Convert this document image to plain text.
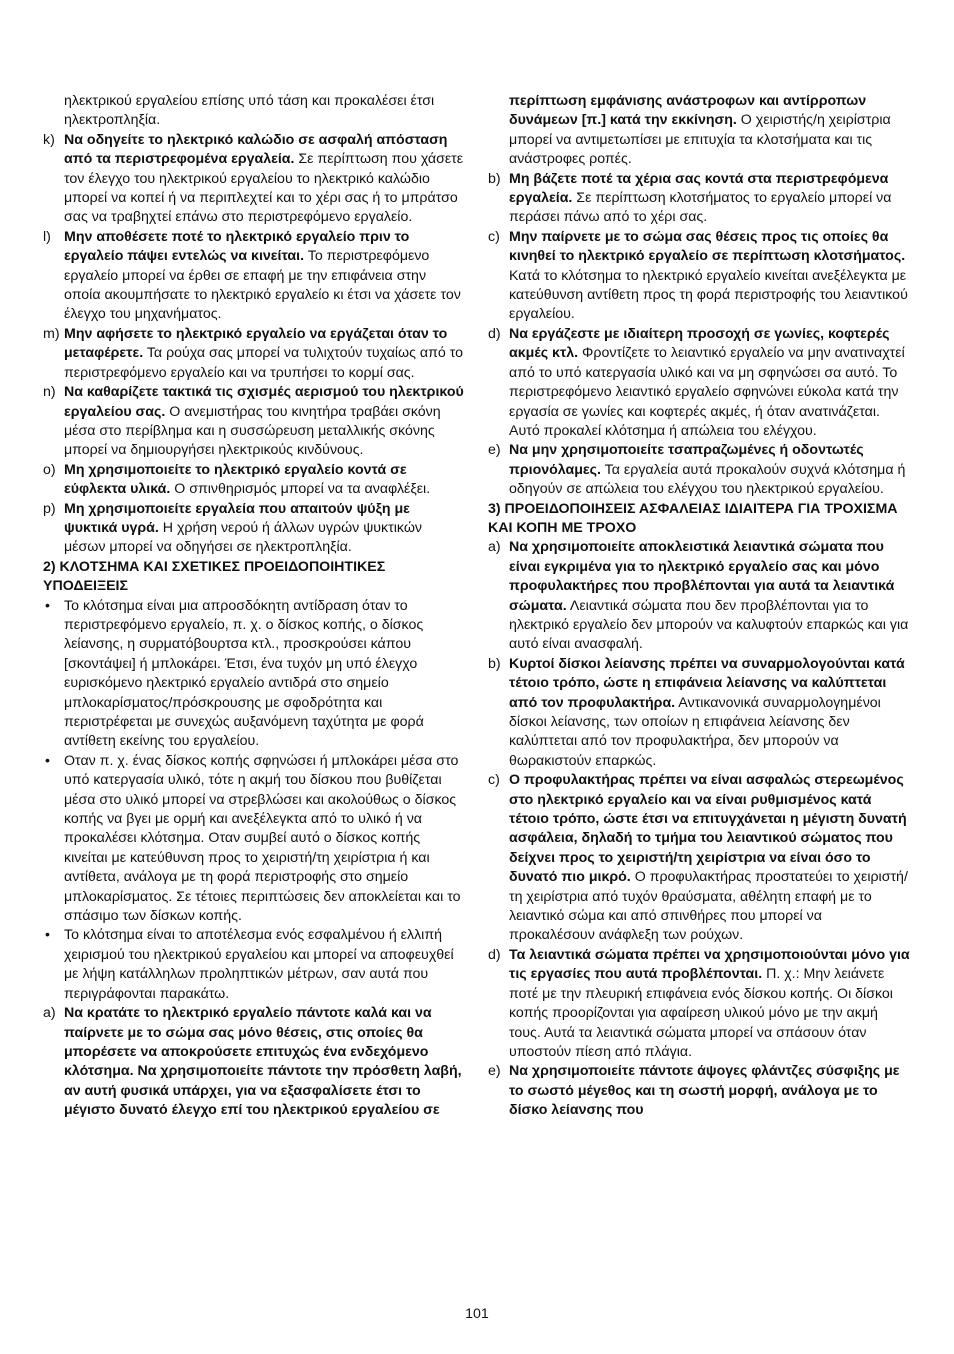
ηλεκτρικού εργαλείου επίσης υπό τάση και προκαλέσει έτσι ηλεκτροπληξία.

k) Να οδηγείτε το ηλεκτρικό καλώδιο σε ασφαλή απόσταση από τα περιστρεφομένα εργαλεία. Σε περίπτωση που χάσετε τον έλεγχο του ηλεκτρικού εργαλείου το ηλεκτρικό καλώδιο μπορεί να κοπεί ή να περιπλεχτεί και το χέρι σας ή το μπράτσο σας να τραβηχτεί επάνω στο περιστρεφόμενο εργαλείο.

l) Μην αποθέσετε ποτέ το ηλεκτρικό εργαλείο πριν το εργαλείο πάψει εντελώς να κινείται. Το περιστρεφόμενο εργαλείο μπορεί να έρθει σε επαφή με την επιφάνεια στην οποία ακουμπήσατε το ηλεκτρικό εργαλείο κι έτσι να χάσετε τον έλεγχο του μηχανήματος.

m) Μην αφήσετε το ηλεκτρικό εργαλείο να εργάζεται όταν το μεταφέρετε. Τα ρούχα σας μπορεί να τυλιχτούν τυχαίως από το περιστρεφόμενο εργαλείο και να τρυπήσει το κορμί σας.

n) Να καθαρίζετε τακτικά τις σχισμές αερισμού του ηλεκτρικού εργαλείου σας. Ο ανεμιστήρας του κινητήρα τραβάει σκόνη μέσα στο περίβλημα και η συσσώρευση μεταλλικής σκόνης μπορεί να δημιουργήσει ηλεκτρικούς κινδύνους.

o) Μη χρησιμοποιείτε το ηλεκτρικό εργαλείο κοντά σε εύφλεκτα υλικά. Ο σπινθηρισμός μπορεί να τα αναφλέξει.

p) Μη χρησιμοποιείτε εργαλεία που απαιτούν ψύξη με ψυκτικά υγρά. Η χρήση νερού ή άλλων υγρών ψυκτικών μέσων μπορεί να οδηγήσει σε ηλεκτροπληξία.

2) ΚΛΟΤΣΗΜΑ ΚΑΙ ΣΧΕΤΙΚΕΣ ΠΡΟΕΙΔΟΠΟΙΗΤΙΚΕΣ ΥΠΟΔΕΙΞΕΙΣ

• Το κλότσημα είναι μια απροσδόκητη αντίδραση όταν το περιστρεφόμενο εργαλείο, π. χ. ο δίσκος κοπής, ο δίσκος λείανσης, η συρματόβουρτσα κτλ., προσκρούσει κάπου [σκοντάψει] ή μπλοκάρει. Έτσι, ένα τυχόν μη υπό έλεγχο ευρισκόμενο ηλεκτρικό εργαλείο αντιδρά στο σημείο μπλοκαρίσματος/πρόσκρουσης με σφοδρότητα και περιστρέφεται με συνεχώς αυξανόμενη ταχύτητα με φορά αντίθετη εκείνης του εργαλείου.

• Οταν π. χ. ένας δίσκος κοπής σφηνώσει ή μπλοκάρει μέσα στο υπό κατεργασία υλικό, τότε η ακμή του δίσκου που βυθίζεται μέσα στο υλικό μπορεί να στρεβλώσει και ακολούθως ο δίσκος κοπής να βγει με ορμή και ανεξέλεγκτα από το υλικό ή να προκαλέσει κλότσημα. Οταν συμβεί αυτό ο δίσκος κοπής κινείται με κατεύθυνση προς το χειριστή/τη χειρίστρια ή και αντίθετα, ανάλογα με τη φορά περιστροφής στο σημείο μπλοκαρίσματος. Σε τέτοιες περιπτώσεις δεν αποκλείεται και το σπάσιμο των δίσκων κοπής.

• Το κλότσημα είναι το αποτέλεσμα ενός εσφαλμένου ή ελλιπή χειρισμού του ηλεκτρικού εργαλείου και μπορεί να αποφευχθεί με λήψη κατάλληλων προληπτικών μέτρων, σαν αυτά που περιγράφονται παρακάτω.

a) Να κρατάτε το ηλεκτρικό εργαλείο πάντοτε καλά και να παίρνετε με το σώμα σας μόνο θέσεις, στις οποίες θα μπορέσετε να αποκρούσετε επιτυχώς ένα ενδεχόμενο κλότσημα. Να χρησιμοποιείτε πάντοτε την πρόσθετη λαβή, αν αυτή φυσικά υπάρχει, για να εξασφαλίσετε έτσι το μέγιστο δυνατό έλεγχο επί του ηλεκτρικού εργαλείου σε

περίπτωση εμφάνισης ανάστροφων και αντίρροπων δυνάμεων [π.] κατά την εκκίνηση. Ο χειριστής/η χειρίστρια μπορεί να αντιμετωπίσει με επιτυχία τα κλοτσήματα και τις ανάστροφες ροπές.

b) Μη βάζετε ποτέ τα χέρια σας κοντά στα περιστρεφόμενα εργαλεία. Σε περίπτωση κλοτσήματος το εργαλείο μπορεί να περάσει πάνω από το χέρι σας.

c) Μην παίρνετε με το σώμα σας θέσεις προς τις οποίες θα κινηθεί το ηλεκτρικό εργαλείο σε περίπτωση κλοτσήματος. Κατά το κλότσημα το ηλεκτρικό εργαλείο κινείται ανεξέλεγκτα με κατεύθυνση αντίθετη προς τη φορά περιστροφής του λειαντικού εργαλείου.

d) Να εργάζεστε με ιδιαίτερη προσοχή σε γωνίες, κοφτερές ακμές κτλ. Φροντίζετε το λειαντικό εργαλείο να μην ανατιναχτεί από το υπό κατεργασία υλικό και να μη σφηνώσει σα αυτό. Το περιστρεφόμενο λειαντικό εργαλείο σφηνώνει εύκολα κατά την εργασία σε γωνίες και κοφτερές ακμές, ή όταν ανατινάζεται. Αυτό προκαλεί κλότσημα ή απώλεια του ελέγχου.

e) Να μην χρησιμοποιείτε τσαπραζωμένες ή οδοντωτές πριονόλαμες. Τα εργαλεία αυτά προκαλούν συχνά κλότσημα ή οδηγούν σε απώλεια του ελέγχου του ηλεκτρικού εργαλείου.

3) ΠΡΟΕΙΔΟΠΟΙΗΣΕΙΣ ΑΣΦΑΛΕΙΑΣ ΙΔΙΑΙΤΕΡΑ ΓΙΑ ΤΡΟΧΙΣΜΑ ΚΑΙ ΚΟΠΗ ΜΕ ΤΡΟΧΟ

a) Να χρησιμοποιείτε αποκλειστικά λειαντικά σώματα που είναι εγκριμένα για το ηλεκτρικό εργαλείο σας και μόνο προφυλακτήρες που προβλέπονται για αυτά τα λειαντικά σώματα. Λειαντικά σώματα που δεν προβλέπονται για το ηλεκτρικό εργαλείο δεν μπορούν να καλυφτούν επαρκώς και για αυτό είναι ανασφαλή.

b) Κυρτοί δίσκοι λείανσης πρέπει να συναρμολογούνται κατά τέτοιο τρόπο, ώστε η επιφάνεια λείανσης να καλύπτεται από τον προφυλακτήρα. Αντικανονικά συναρμολογημένοι δίσκοι λείανσης, των οποίων η επιφάνεια λείανσης δεν καλύπτεται από τον προφυλακτήρα, δεν μπορούν να θωρακιστούν επαρκώς.

c) Ο προφυλακτήρας πρέπει να είναι ασφαλώς στερεωμένος στο ηλεκτρικό εργαλείο και να είναι ρυθμισμένος κατά τέτοιο τρόπο, ώστε έτσι να επιτυγχάνεται η μέγιστη δυνατή ασφάλεια, δηλαδή το τμήμα του λειαντικού σώματος που δείχνει προς το χειριστή/τη χειρίστρια να είναι όσο το δυνατό πιο μικρό. Ο προφυλακτήρας προστατεύει το χειριστή/τη χειρίστρια από τυχόν θραύσματα, αθέλητη επαφή με το λειαντικό σώμα και από σπινθήρες που μπορεί να προκαλέσουν ανάφλεξη των ρούχων.

d) Τα λειαντικά σώματα πρέπει να χρησιμοποιούνται μόνο για τις εργασίες που αυτά προβλέπονται. Π. χ.: Μην λειάνετε ποτέ με την πλευρική επιφάνεια ενός δίσκου κοπής. Οι δίσκοι κοπής προορίζονται για αφαίρεση υλικού μόνο με την ακμή τους. Αυτά τα λειαντικά σώματα μπορεί να σπάσουν όταν υποστούν πίεση από πλάγια.

e) Να χρησιμοποιείτε πάντοτε άψογες φλάντζες σύσφιξης με το σωστό μέγεθος και τη σωστή μορφή, ανάλογα με το δίσκο λείανσης που

101
